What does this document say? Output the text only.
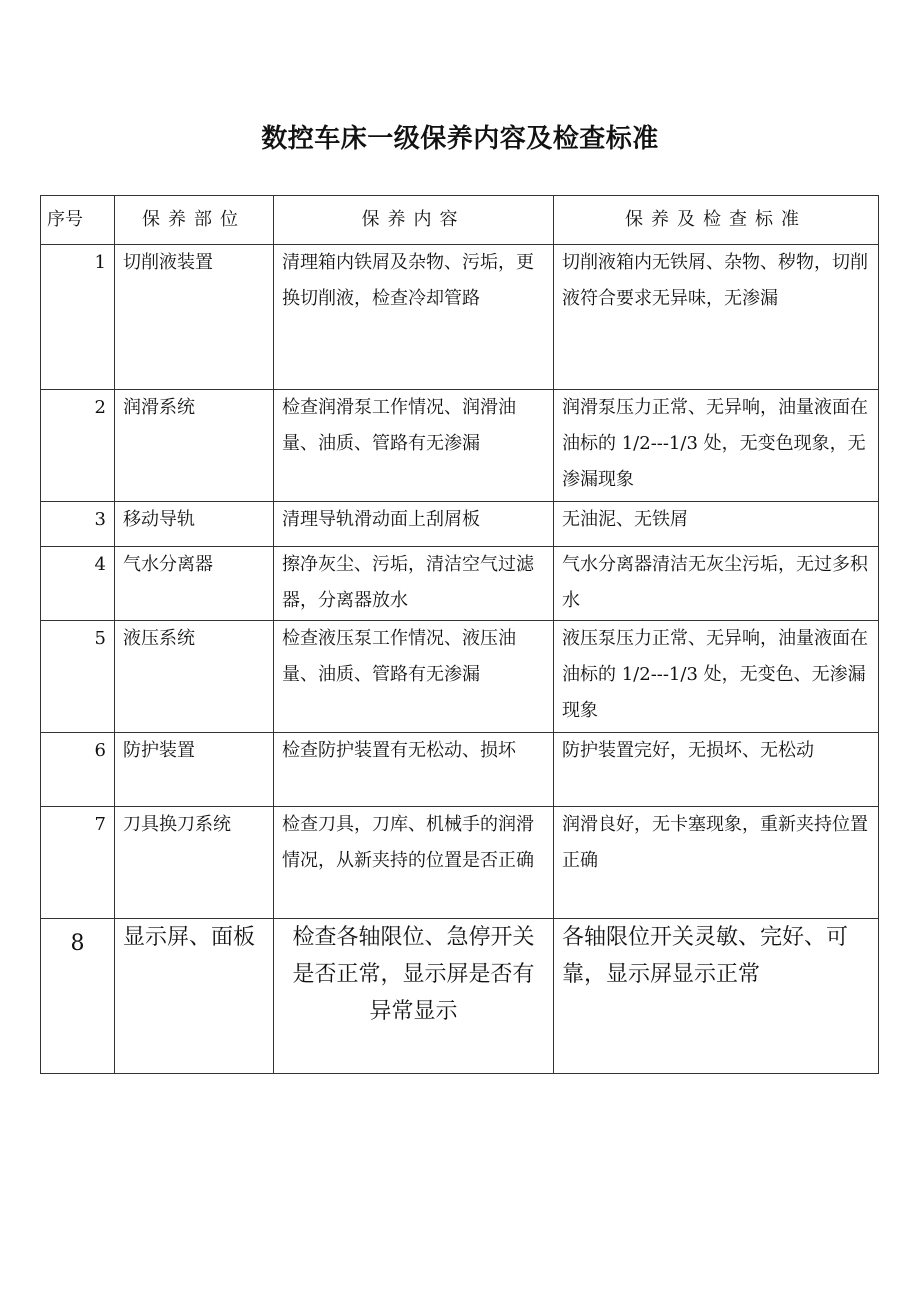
数控车床一级保养内容及检查标准
序号	保养部位	保养内容	保养及检查标准
1	切削液装置	清理箱内铁屑及杂物、污垢，更换切削液，检查冷却管路	切削液箱内无铁屑、杂物、秽物，切削液符合要求无异味，无渗漏
2	润滑系统	检查润滑泵工作情况、润滑油量、油质、管路有无渗漏	润滑泵压力正常、无异响，油量液面在油标的 1/2---1/3 处，无变色现象，无渗漏现象
3	移动导轨	清理导轨滑动面上刮屑板	无油泥、无铁屑
4	气水分离器	擦净灰尘、污垢，清洁空气过滤器，分离器放水	气水分离器清洁无灰尘污垢，无过多积水
5	液压系统	检查液压泵工作情况、液压油量、油质、管路有无渗漏	液压泵压力正常、无异响，油量液面在油标的 1/2---1/3 处，无变色、无渗漏现象
6	防护装置	检查防护装置有无松动、损坏	防护装置完好，无损坏、无松动
7	刀具换刀系统	检查刀具，刀库、机械手的润滑情况，从新夹持的位置是否正确	润滑良好，无卡塞现象，重新夹持位置正确
8	显示屏、面板	检查各轴限位、急停开关是否正常，显示屏是否有异常显示	各轴限位开关灵敏、完好、可靠，显示屏显示正常
